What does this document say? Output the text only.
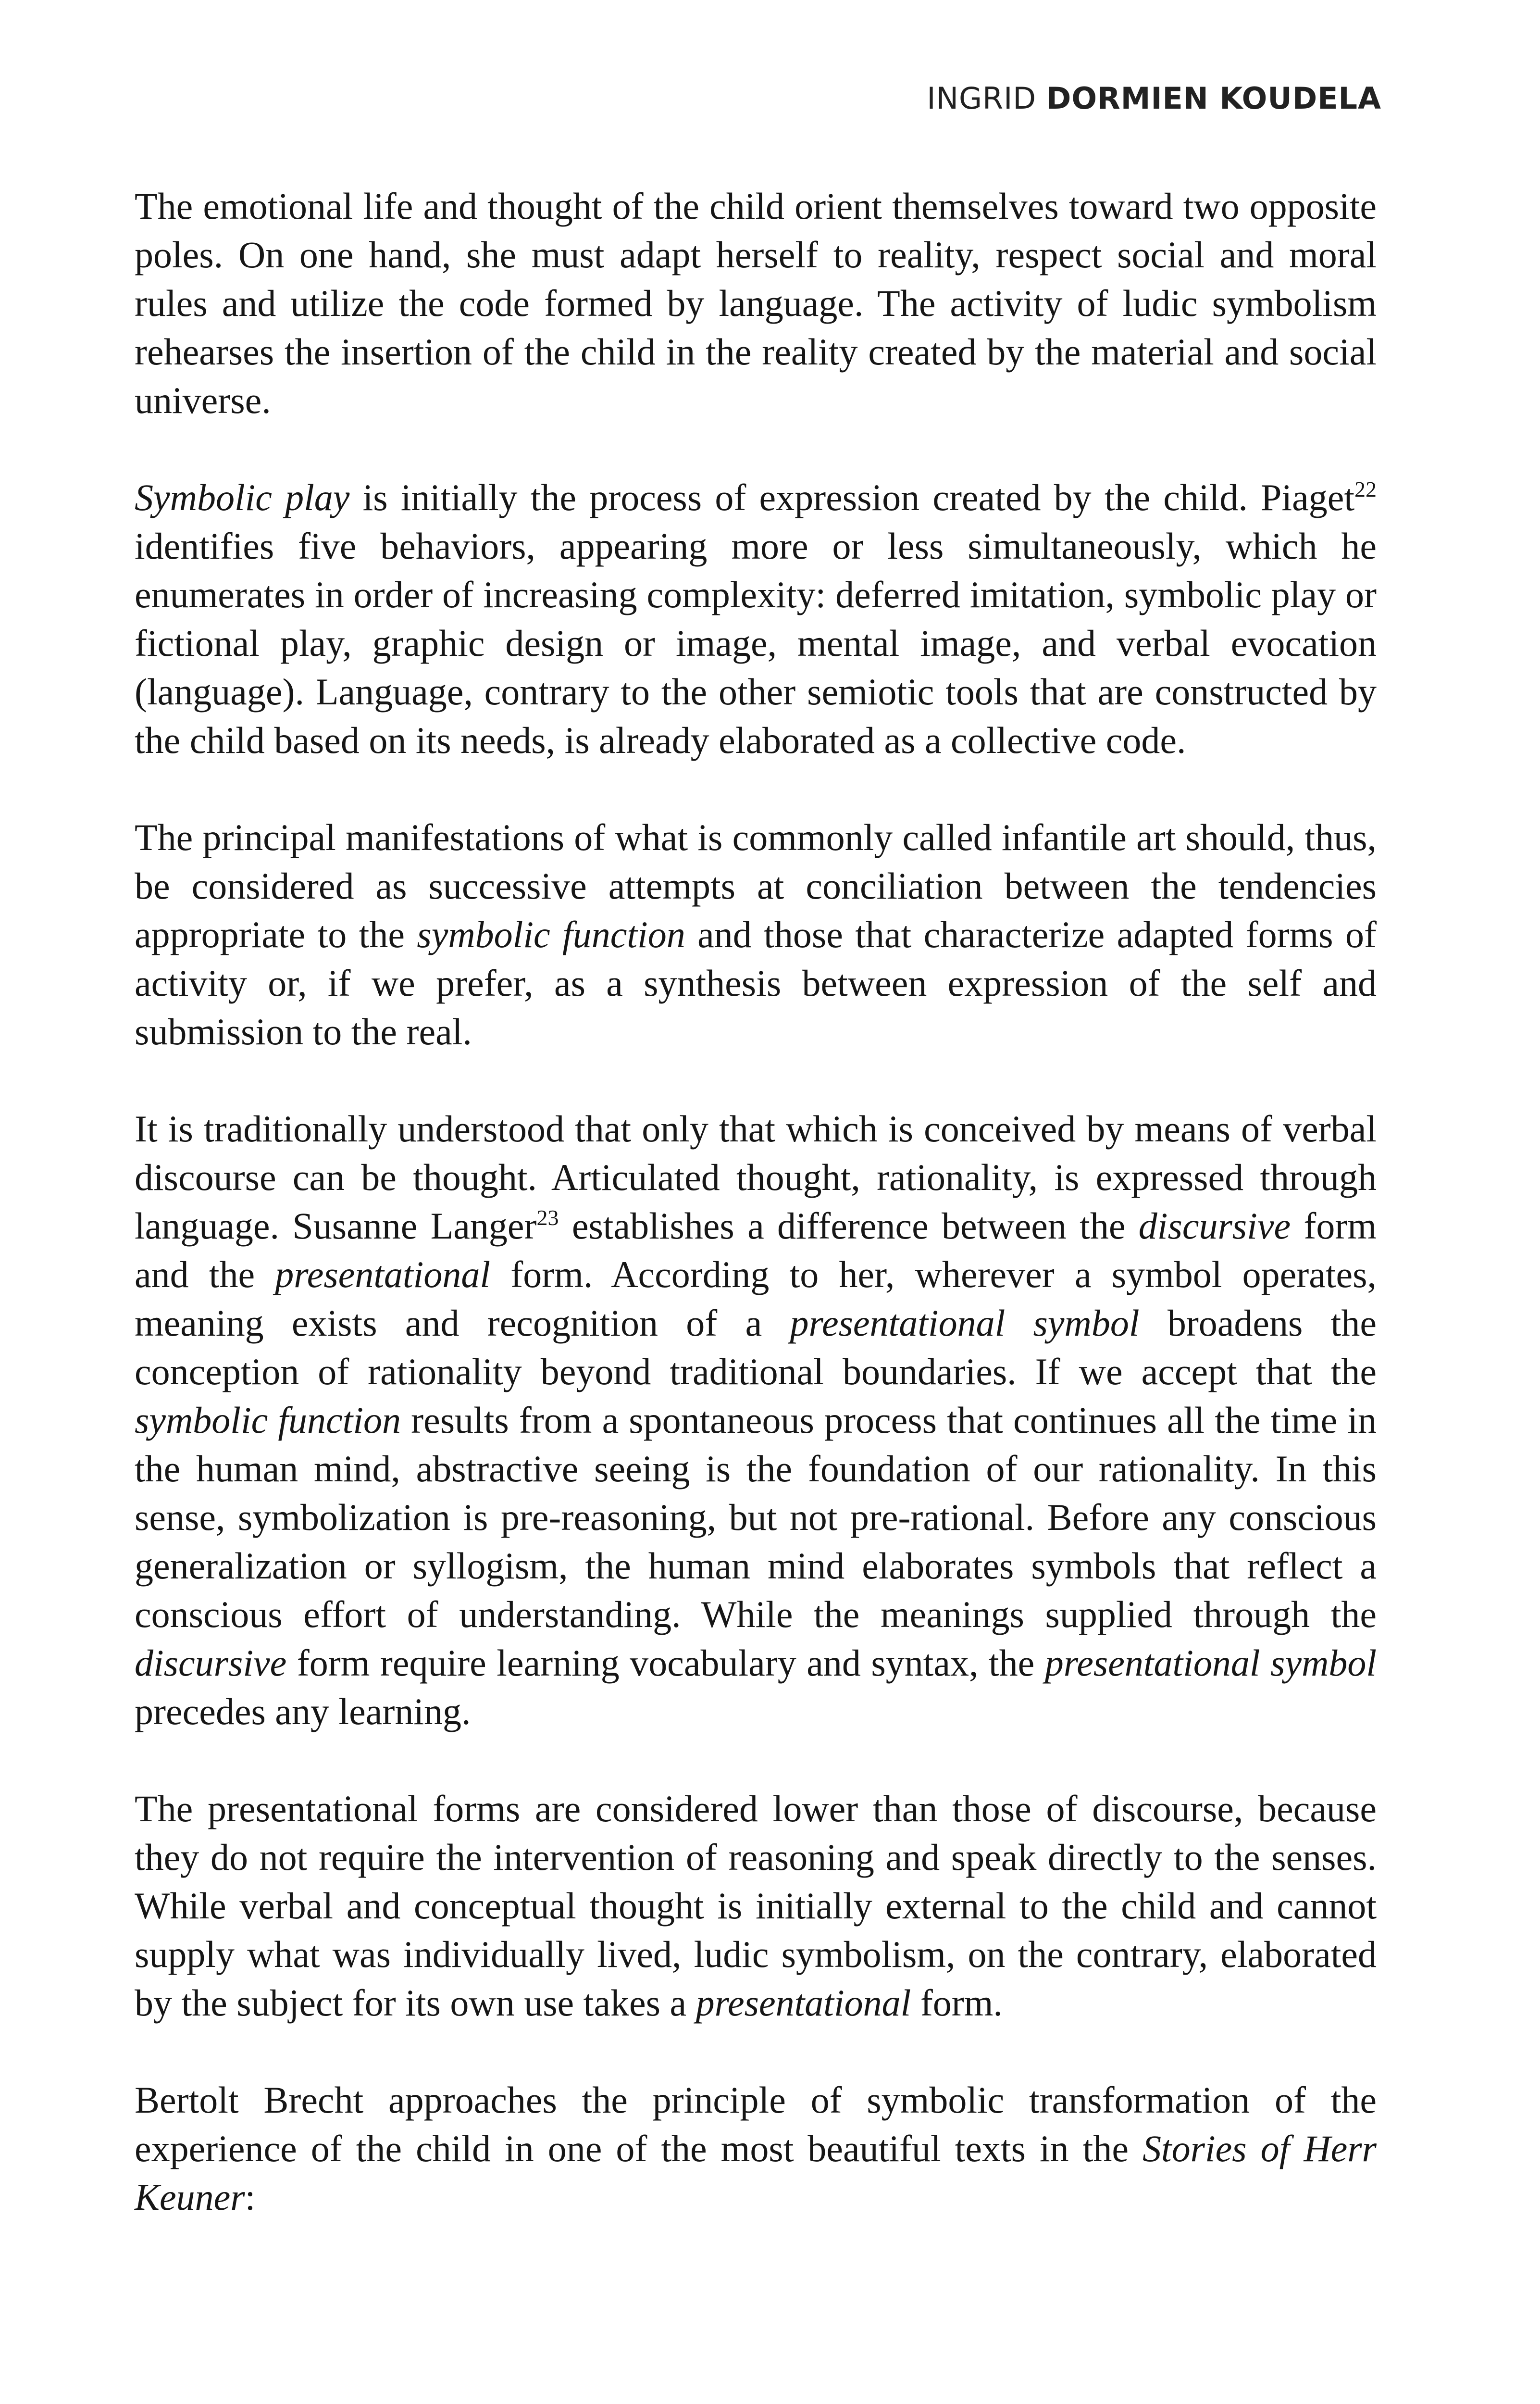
INGRID DORMIEN KOUDELA

The emotional life and thought of the child orient themselves toward two opposite poles. On one hand, she must adapt herself to reality, respect social and moral rules and utilize the code formed by language. The activity of ludic symbolism rehearses the insertion of the child in the reality created by the material and social universe.

Symbolic play is initially the process of expression created by the child. Piaget$^{22}$ identifies five behaviors, appearing more or less simultaneously, which he enumerates in order of increasing complexity: deferred imitation, symbolic play or fictional play, graphic design or image, mental image, and verbal evocation (language). Language, contrary to the other semiotic tools that are constructed by the child based on its needs, is already elaborated as a collective code.

The principal manifestations of what is commonly called infantile art should, thus, be considered as successive attempts at conciliation between the tendencies appropriate to the symbolic function and those that characterize adapted forms of activity or, if we prefer, as a synthesis between expression of the self and submission to the real.

It is traditionally understood that only that which is conceived by means of verbal discourse can be thought. Articulated thought, rationality, is expressed through language. Susanne Langer$^{23}$ establishes a difference between the discursive form and the presentational form. According to her, wherever a symbol operates, meaning exists and recognition of a presentational symbol broadens the conception of rationality beyond traditional boundaries. If we accept that the symbolic function results from a spontaneous process that continues all the time in the human mind, abstractive seeing is the foundation of our rationality. In this sense, symbolization is pre-reasoning, but not pre-rational. Before any conscious generalization or syllogism, the human mind elaborates symbols that reflect a conscious effort of understanding. While the meanings supplied through the discursive form require learning vocabulary and syntax, the presentational symbol precedes any learning.

The presentational forms are considered lower than those of discourse, because they do not require the intervention of reasoning and speak directly to the senses. While verbal and conceptual thought is initially external to the child and cannot supply what was individually lived, ludic symbolism, on the contrary, elaborated by the subject for its own use takes a presentational form.

Bertolt Brecht approaches the principle of symbolic transformation of the experience of the child in one of the most beautiful texts in the Stories of Herr Keuner:
